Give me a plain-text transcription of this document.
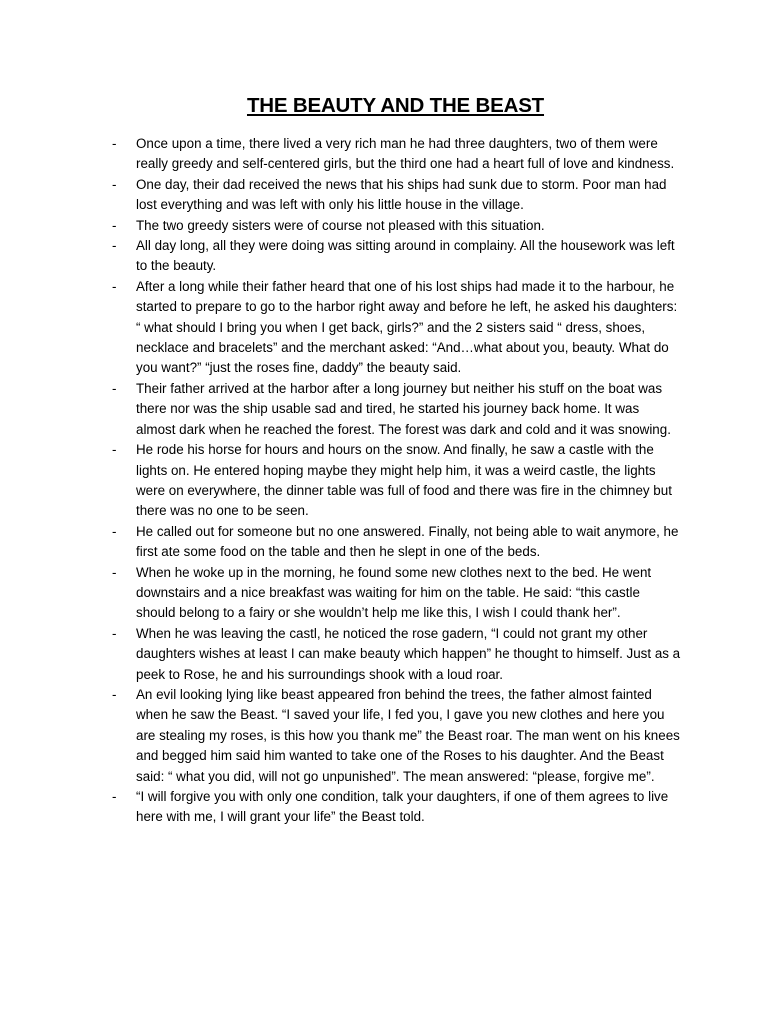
THE BEAUTY AND THE BEAST
-	Once upon a time, there lived a very rich man he had three daughters, two of them were really greedy and self-centered girls, but the third one had a heart full of love and kindness.
-	One day, their dad received the news that his ships had sunk due to storm. Poor man had lost everything and was left with only his little house in the village.
-	The two greedy sisters were of course not pleased with this situation.
-	All day long, all they were doing was sitting around in complainy. All the housework was left to the beauty.
-	After a long while their father heard that one of his lost ships had made it to the harbour, he started to prepare to go to the harbor right away and before he left, he asked his daughters: “ what should I bring you when I get back, girls?” and the 2 sisters said “ dress, shoes, necklace and bracelets” and the merchant asked: “And…what about you, beauty. What do you want?” “just the roses fine, daddy” the beauty said.
-	Their father arrived at the harbor after a long journey but neither his stuff on the boat was there nor was the ship usable sad and tired, he started his journey back home. It was almost dark when he reached the forest. The forest was dark and cold and it was snowing.
-	He rode his horse for hours and hours on the snow. And finally, he saw a castle with the lights on. He entered hoping maybe they might help him, it was a weird castle, the lights were on everywhere, the dinner table was full of food and there was fire in the chimney but there was no one to be seen.
-	He called out for someone but no one answered. Finally, not being able to wait anymore, he first ate some food on the table and then he slept in one of the beds.
-	When he woke up in the morning, he found some new clothes next to the bed. He went downstairs and a nice breakfast was waiting for him on the table. He said: “this castle should belong to a fairy or she wouldn’t help me like this, I wish I could thank her”.
-	When he was leaving the castl, he noticed the rose gadern, “I could not grant my other daughters wishes at least I can make beauty which happen” he thought to himself. Just as a peek to Rose, he and his surroundings shook with a loud roar.
-	An evil looking lying like beast appeared fron behind the trees, the father almost fainted when he saw the Beast. “I saved your life, I fed you, I gave you new clothes and here you are stealing my roses, is this how you thank me” the Beast roar. The man went on his knees and begged him said him wanted to take one of the Roses to his daughter. And the Beast said: “ what you did, will not go unpunished”. The mean answered: “please, forgive me”.
-	“I will forgive you with only one condition, talk your daughters, if one of them agrees to live here with me, I will grant your life” the Beast told.
